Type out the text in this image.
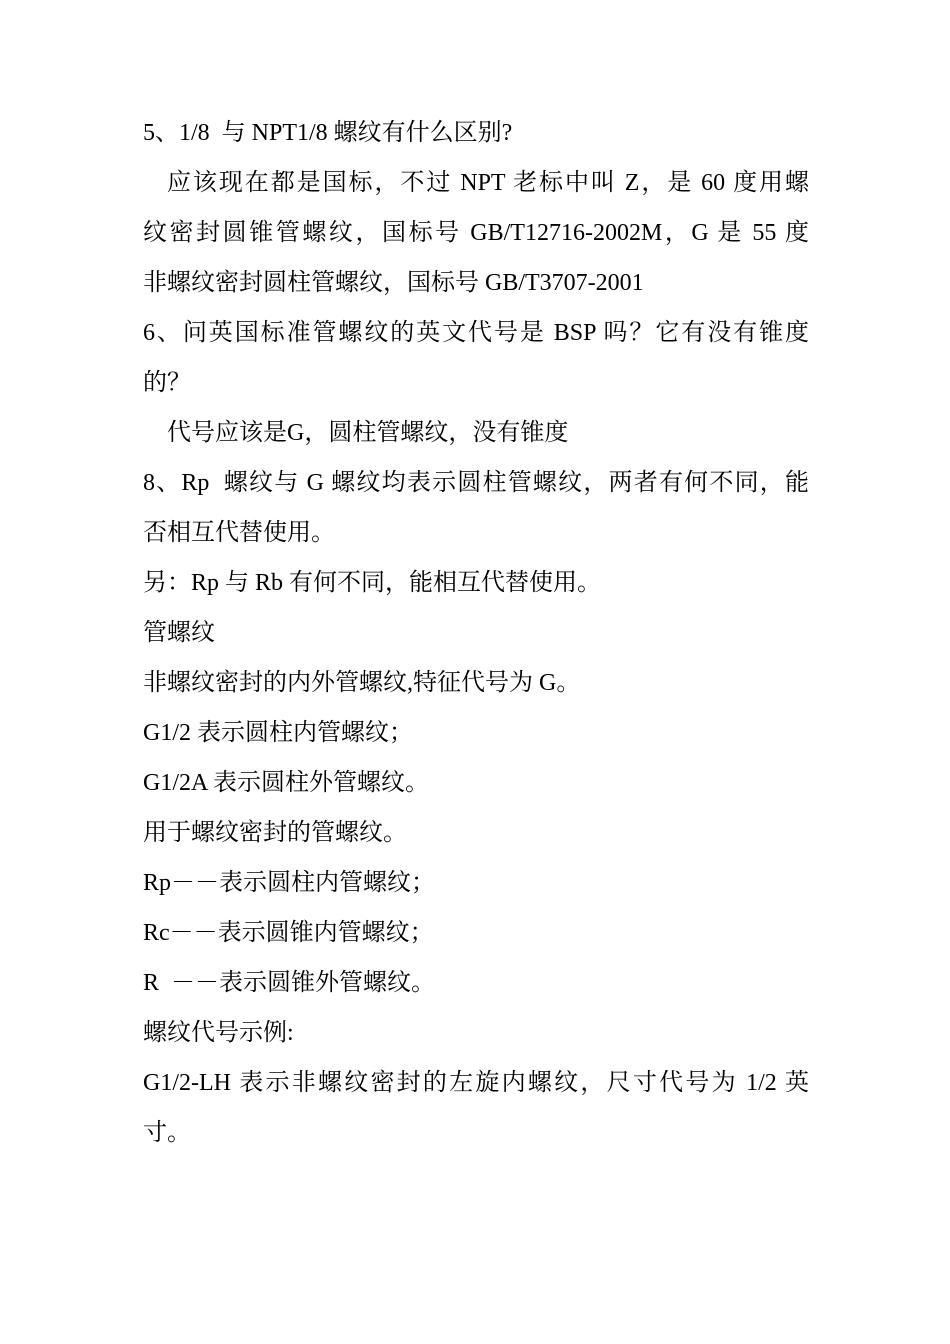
5、1/8  与 NPT1/8 螺纹有什么区别?
应该现在都是国标，不过 NPT 老标中叫 Z，是 60 度用螺
纹密封圆锥管螺纹，国标号 GB/T12716-2002M，G 是 55 度
非螺纹密封圆柱管螺纹，国标号 GB/T3707-2001
6、问英国标准管螺纹的英文代号是 BSP 吗？它有没有锥度
的？
代号应该是G，圆柱管螺纹，没有锥度
8、Rp  螺纹与 G 螺纹均表示圆柱管螺纹，两者有何不同，能
否相互代替使用。
另：Rp 与 Rb 有何不同，能相互代替使用。
管螺纹
非螺纹密封的内外管螺纹,特征代号为 G。
G1/2 表示圆柱内管螺纹；
G1/2A 表示圆柱外管螺纹。
用于螺纹密封的管螺纹。
Rp－－表示圆柱内管螺纹；
Rc－－表示圆锥内管螺纹；
R  －－表示圆锥外管螺纹。
螺纹代号示例:
G1/2-LH 表示非螺纹密封的左旋内螺纹，尺寸代号为 1/2 英
寸。
